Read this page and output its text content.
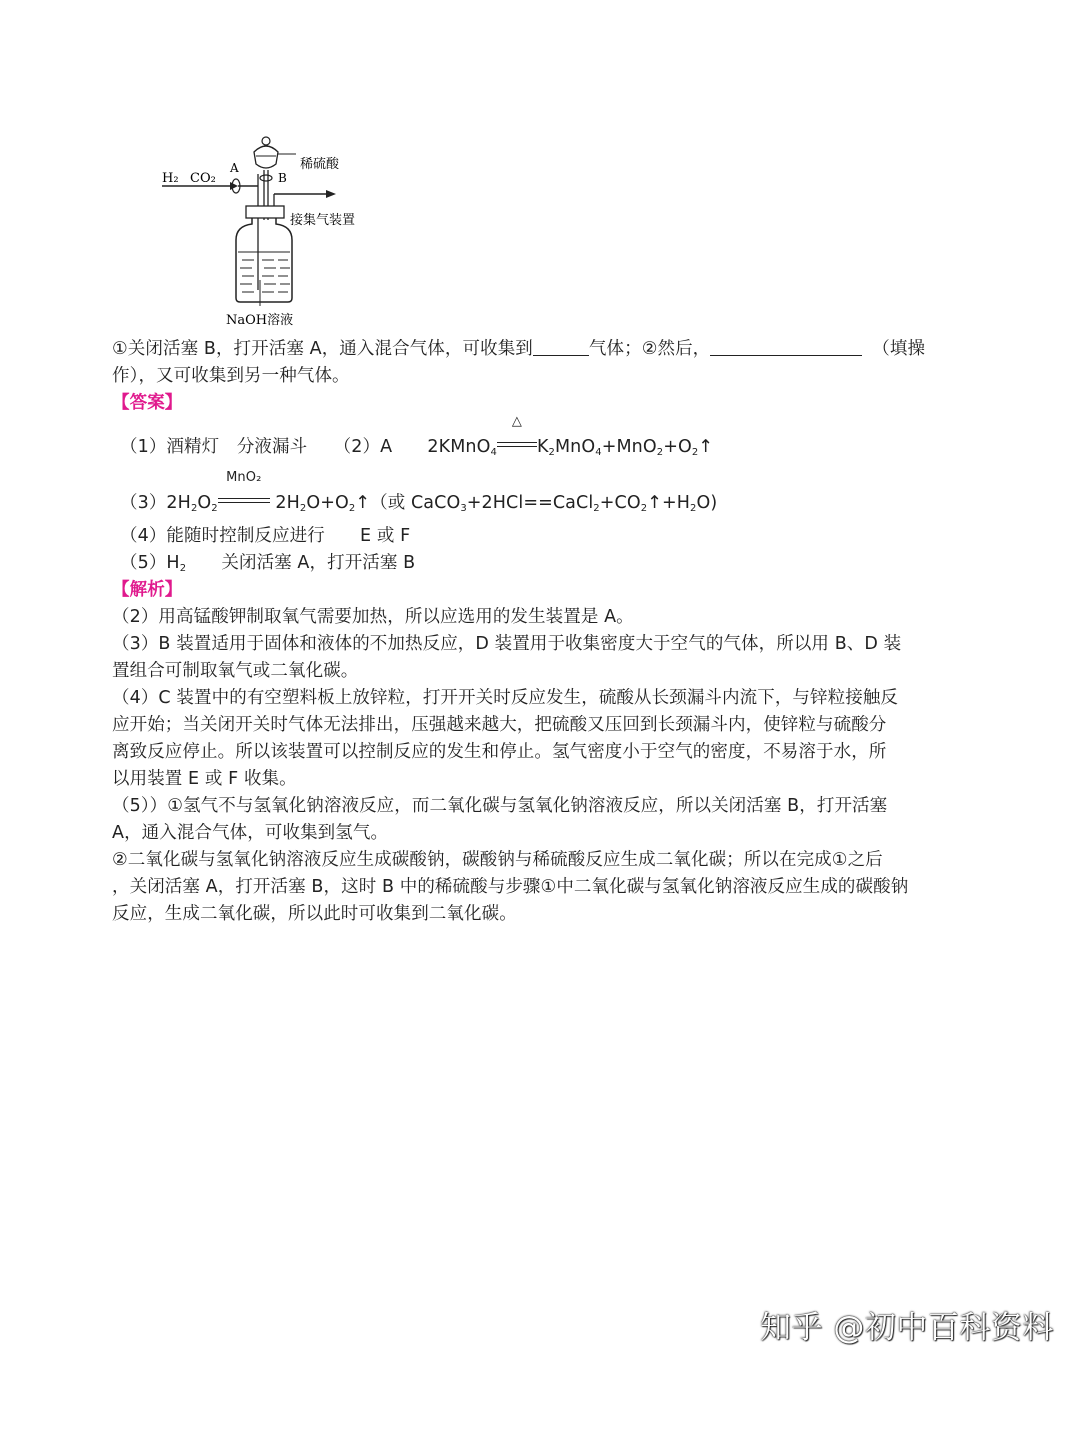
H₂ CO₂
A	稀硫酸
B
接集气装置
NaOH溶液
①关闭活塞 B，打开活塞 A，通入混合气体，可收集到	气体；②然后，	（填操
作），又可收集到另一种气体。
【答案】
（1）酒精灯　分液漏斗　　（2）A　　2KMnO$_4$
△
$K_2MnO_4+MnO_2+O_2↑$
$(3)2H_2O_2$
MnO₂
$2H_2O+O_2↑$（或 $CaCO_3+2HCl==CaCl_2+CO_2↑+H_2O$)
（4）能随时控制反应进行　　E 或 F
$(5)H_2$　　关闭活塞 A，打开活塞 B
【解析】
（2）用高锰酸钾制取氧气需要加热，所以应选用的发生装置是 A。
（3）B 装置适用于固体和液体的不加热反应，D 装置用于收集密度大于空气的气体，所以用 B、D 装
置组合可制取氧气或二氧化碳。
（4）C 装置中的有空塑料板上放锌粒，打开开关时反应发生，硫酸从长颈漏斗内流下，与锌粒接触反
应开始；当关闭开关时气体无法排出，压强越来越大，把硫酸又压回到长颈漏斗内，使锌粒与硫酸分
离致反应停止。所以该装置可以控制反应的发生和停止。氢气密度小于空气的密度，不易溶于水，所
以用装置 E 或 F 收集。
（5））①氢气不与氢氧化钠溶液反应，而二氧化碳与氢氧化钠溶液反应，所以关闭活塞 B，打开活塞
A，通入混合气体，可收集到氢气。
②二氧化碳与氢氧化钠溶液反应生成碳酸钠，碳酸钠与稀硫酸反应生成二氧化碳；所以在完成①之后
，关闭活塞 A，打开活塞 B，这时 B 中的稀硫酸与步骤①中二氧化碳与氢氧化钠溶液反应生成的碳酸钠
反应，生成二氧化碳，所以此时可收集到二氧化碳。
知乎 @初中百科资料
